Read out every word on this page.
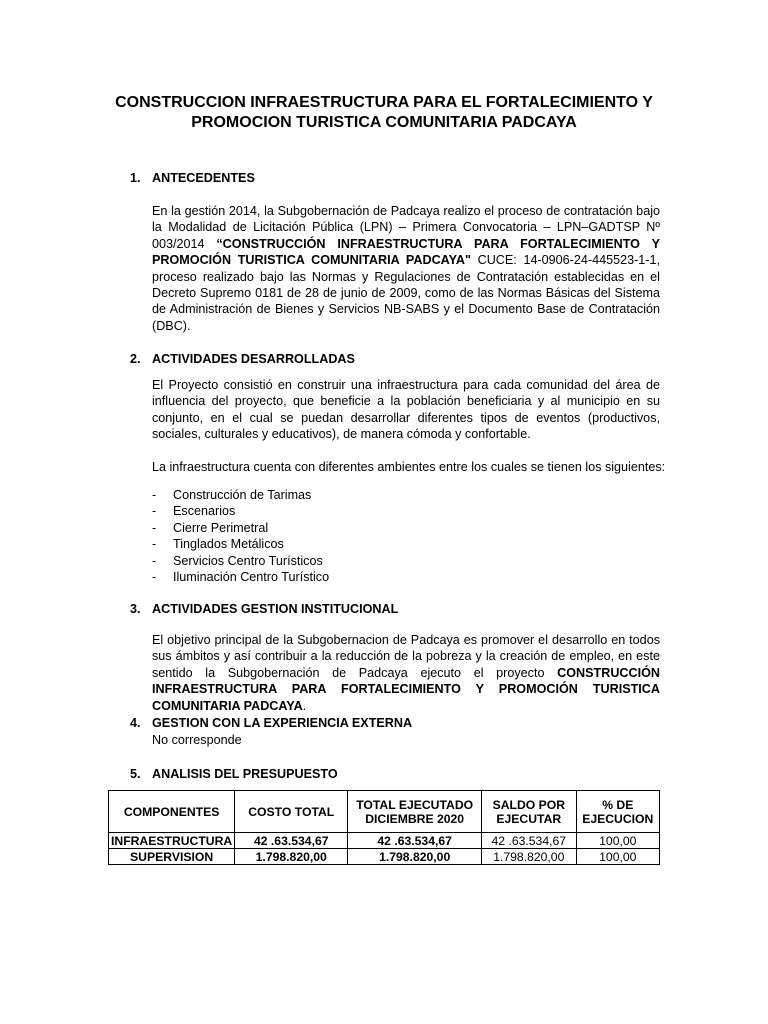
CONSTRUCCION INFRAESTRUCTURA PARA EL FORTALECIMIENTO Y
PROMOCION TURISTICA COMUNITARIA PADCAYA
1. ANTECEDENTES

En la gestión 2014, la Subgobernación de Padcaya realizo el proceso de contratación bajo la Modalidad de Licitación Pública (LPN) – Primera Convocatoria – LPN–GADTSP Nº 003/2014 “CONSTRUCCIÓN INFRAESTRUCTURA PARA FORTALECIMIENTO Y PROMOCIÓN TURISTICA COMUNITARIA PADCAYA" CUCE: 14-0906-24-445523-1-1, proceso realizado bajo las Normas y Regulaciones de Contratación establecidas en el Decreto Supremo 0181 de 28 de junio de 2009, como de las Normas Básicas del Sistema de Administración de Bienes y Servicios NB-SABS y el Documento Base de Contratación (DBC).

2. ACTIVIDADES DESARROLLADAS

El Proyecto consistió en construir una infraestructura para cada comunidad del área de influencia del proyecto, que beneficie a la población beneficiaria y al municipio en su conjunto, en el cual se puedan desarrollar diferentes tipos de eventos (productivos, sociales, culturales y educativos), de manera cómoda y confortable.

La infraestructura cuenta con diferentes ambientes entre los cuales se tienen los siguientes:

-	Construcción de Tarimas
-	Escenarios
-	Cierre Perimetral
-	Tinglados Metálicos
-	Servicios Centro Turísticos
-	Iluminación Centro Turístico
3. ACTIVIDADES GESTION INSTITUCIONAL

El objetivo principal de la Subgobernacion de Padcaya es promover el desarrollo en todos sus ámbitos y así contribuir a la reducción de la pobreza y la creación de empleo, en este sentido la Subgobernación de Padcaya ejecuto el proyecto CONSTRUCCIÓN INFRAESTRUCTURA PARA FORTALECIMIENTO Y PROMOCIÓN TURISTICA COMUNITARIA PADCAYA.

4. GESTION CON LA EXPERIENCIA EXTERNA

No corresponde

5. ANALISIS DEL PRESUPUESTO
COMPONENTES	COSTO TOTAL	TOTAL EJECUTADO DICIEMBRE 2020	SALDO POR EJECUTAR	% DE EJECUCION
INFRAESTRUCTURA	42 .63.534,67	42 .63.534,67	42 .63.534,67	100,00
SUPERVISION	1.798.820,00	1.798.820,00	1.798.820,00	100,00
